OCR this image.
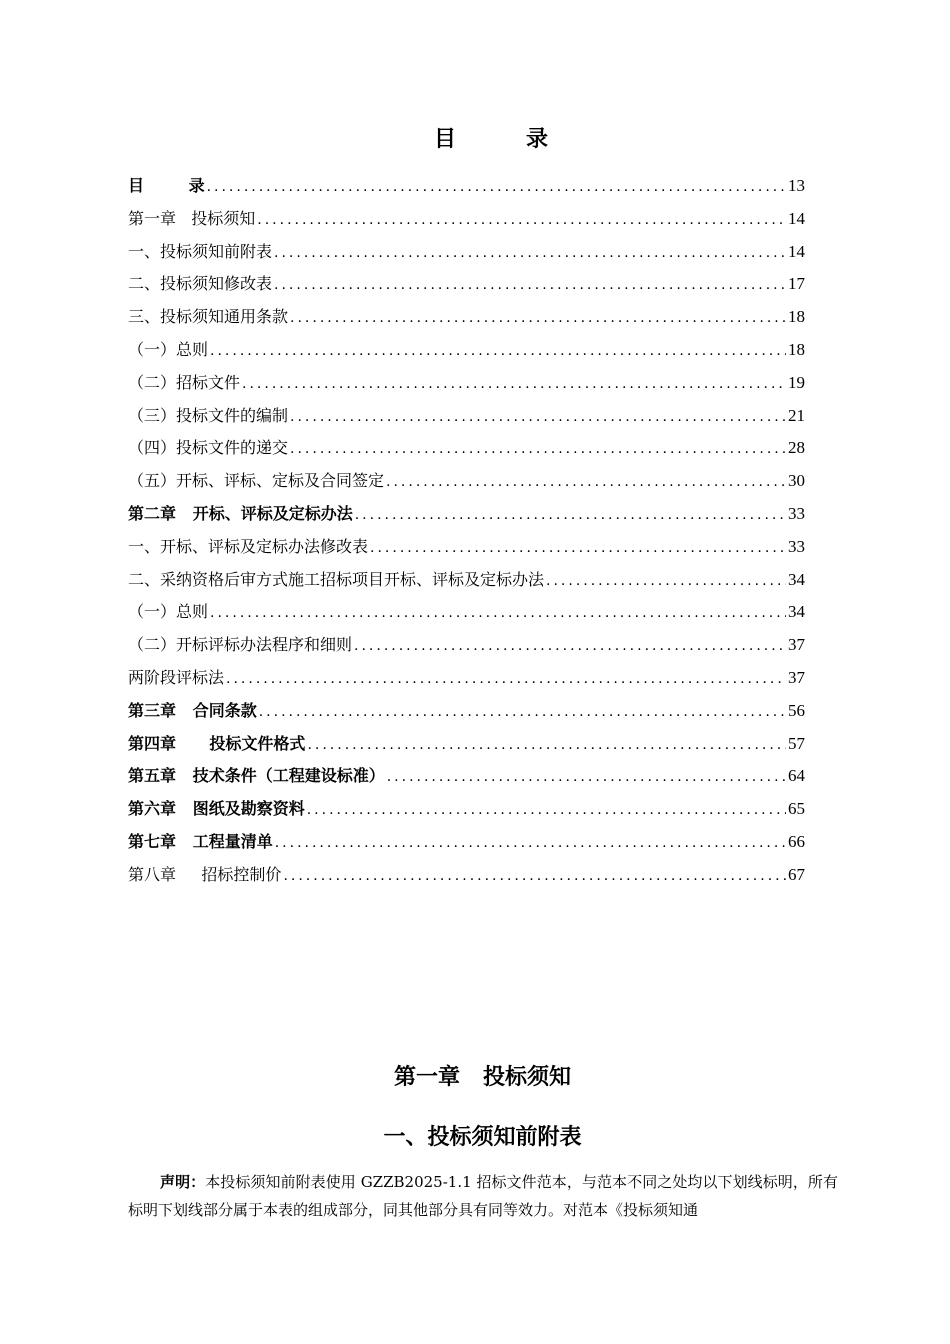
目	录
目        录 .....	13
第一章   投标须知 .....	14
一、投标须知前附表 .....	14
二、投标须知修改表 .....	17
三、投标须知通用条款 .....	18
（一）总则 .....	18
（二）招标文件 .....	19
（三）投标文件的编制 .....	21
（四）投标文件的递交 .....	28
（五）开标、评标、定标及合同签定 .....	30
第二章   开标、评标及定标办法 .....	33
一、开标、评标及定标办法修改表 .....	33
二、采纳资格后审方式施工招标项目开标、评标及定标办法 .....	34
（一）总则 .....	34
（二）开标评标办法程序和细则 .....	37
两阶段评标法 .....	37
第三章   合同条款 .....	56
第四章      投标文件格式 .....	57
第五章   技术条件（工程建设标准） .....	64
第六章   图纸及勘察资料 .....	65
第七章   工程量清单 .....	66
第八章     招标控制价 .....	67
第一章   投标须知
一、投标须知前附表
声明：本投标须知前附表使用 GZZB2025-1.1 招标文件范本，与范本不同之处均以下划线标明，所有标明下划线部分属于本表的组成部分，同其他部分具有同等效力。对范本《投标须知通
